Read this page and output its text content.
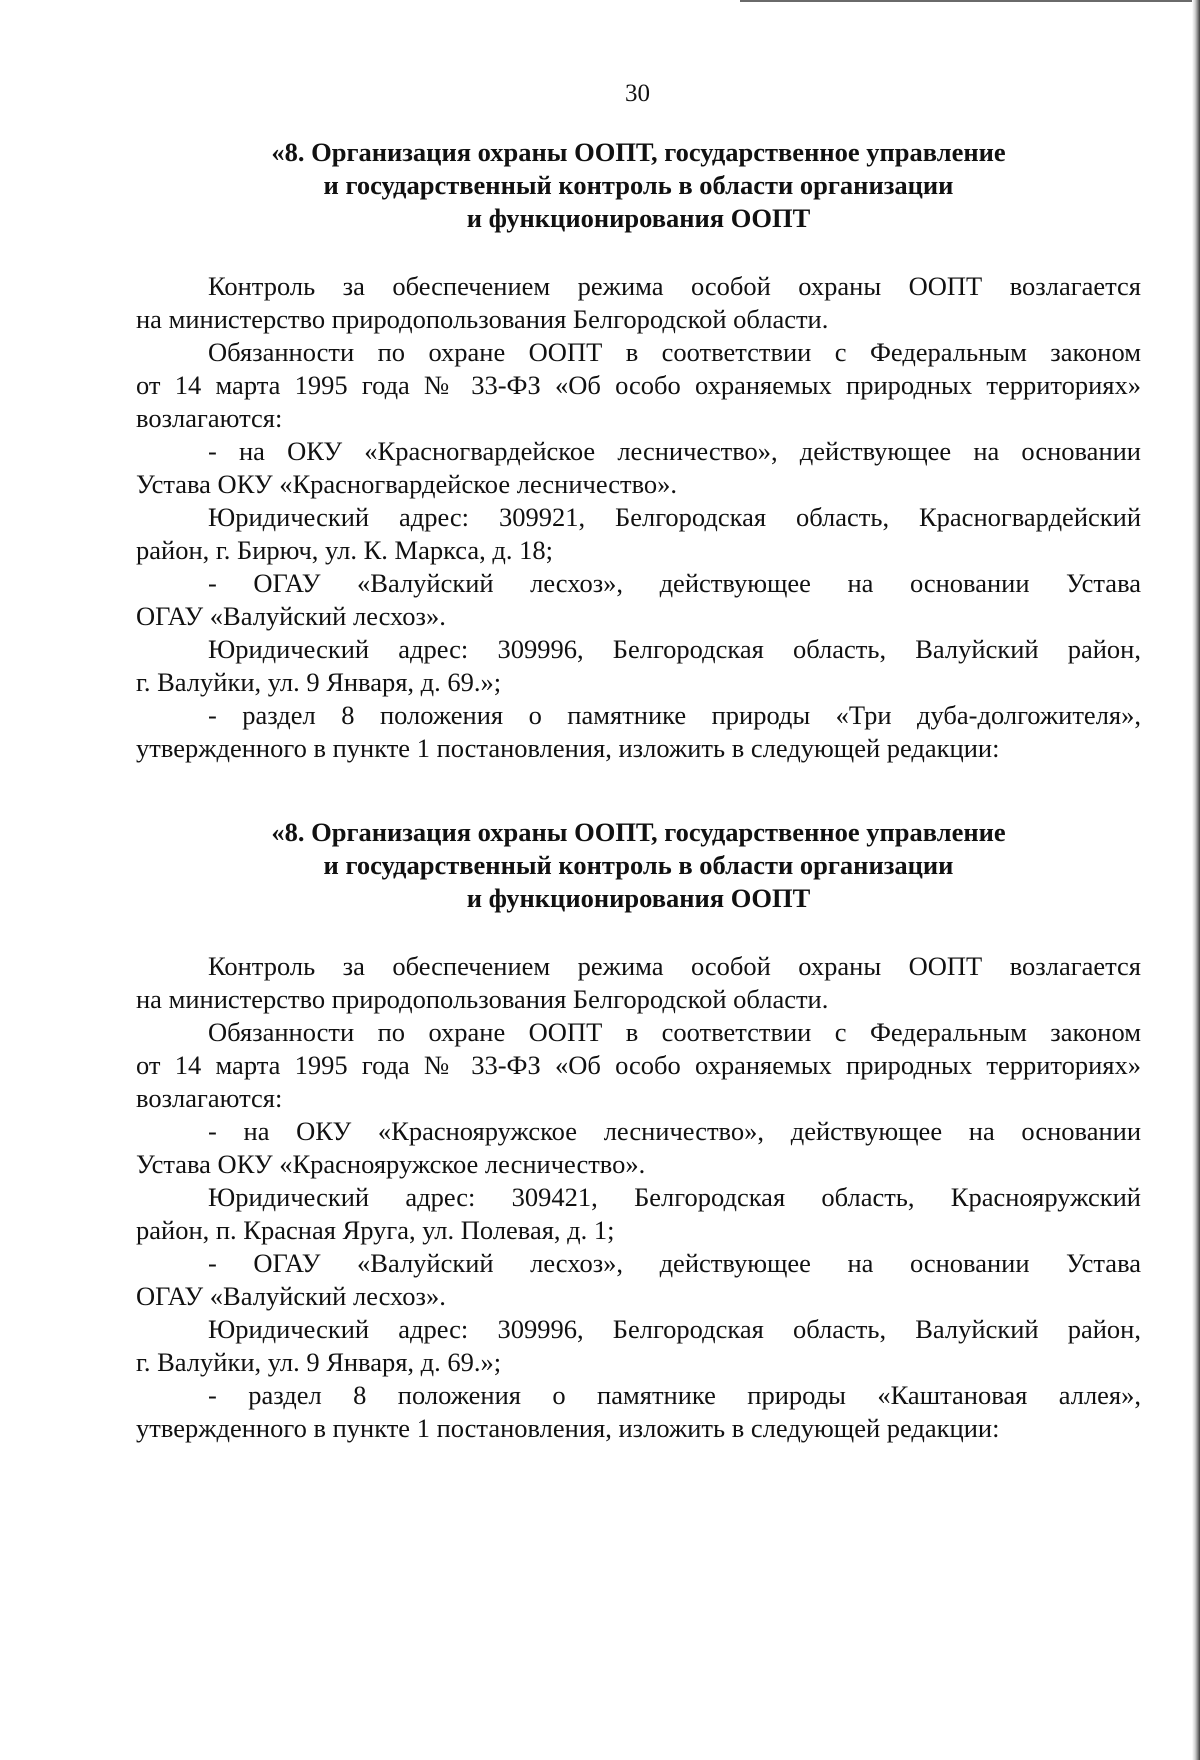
30
«8. Организация охраны ООПТ, государственное управление
и государственный контроль в области организации
и функционирования ООПТ
Контроль за обеспечением режима особой охраны ООПТ возлагается
на министерство природопользования Белгородской области.
Обязанности по охране ООПТ в соответствии с Федеральным законом
от 14 марта 1995 года № 33-ФЗ «Об особо охраняемых природных территориях»
возлагаются:
- на ОКУ «Красногвардейское лесничество», действующее на основании
Устава ОКУ «Красногвардейское лесничество».
Юридический адрес: 309921, Белгородская область, Красногвардейский
район, г. Бирюч, ул. К. Маркса, д. 18;
- ОГАУ «Валуйский лесхоз», действующее на основании Устава
ОГАУ «Валуйский лесхоз».
Юридический адрес: 309996, Белгородская область, Валуйский район,
г. Валуйки, ул. 9 Января, д. 69.»;
- раздел 8 положения о памятнике природы «Три дуба-долгожителя»,
утвержденного в пункте 1 постановления, изложить в следующей редакции:
«8. Организация охраны ООПТ, государственное управление
и государственный контроль в области организации
и функционирования ООПТ
Контроль за обеспечением режима особой охраны ООПТ возлагается
на министерство природопользования Белгородской области.
Обязанности по охране ООПТ в соответствии с Федеральным законом
от 14 марта 1995 года № 33-ФЗ «Об особо охраняемых природных территориях»
возлагаются:
- на ОКУ «Краснояружское лесничество», действующее на основании
Устава ОКУ «Краснояружское лесничество».
Юридический адрес: 309421, Белгородская область, Краснояружский
район, п. Красная Яруга, ул. Полевая, д. 1;
- ОГАУ «Валуйский лесхоз», действующее на основании Устава
ОГАУ «Валуйский лесхоз».
Юридический адрес: 309996, Белгородская область, Валуйский район,
г. Валуйки, ул. 9 Января, д. 69.»;
- раздел 8 положения о памятнике природы «Каштановая аллея»,
утвержденного в пункте 1 постановления, изложить в следующей редакции:
